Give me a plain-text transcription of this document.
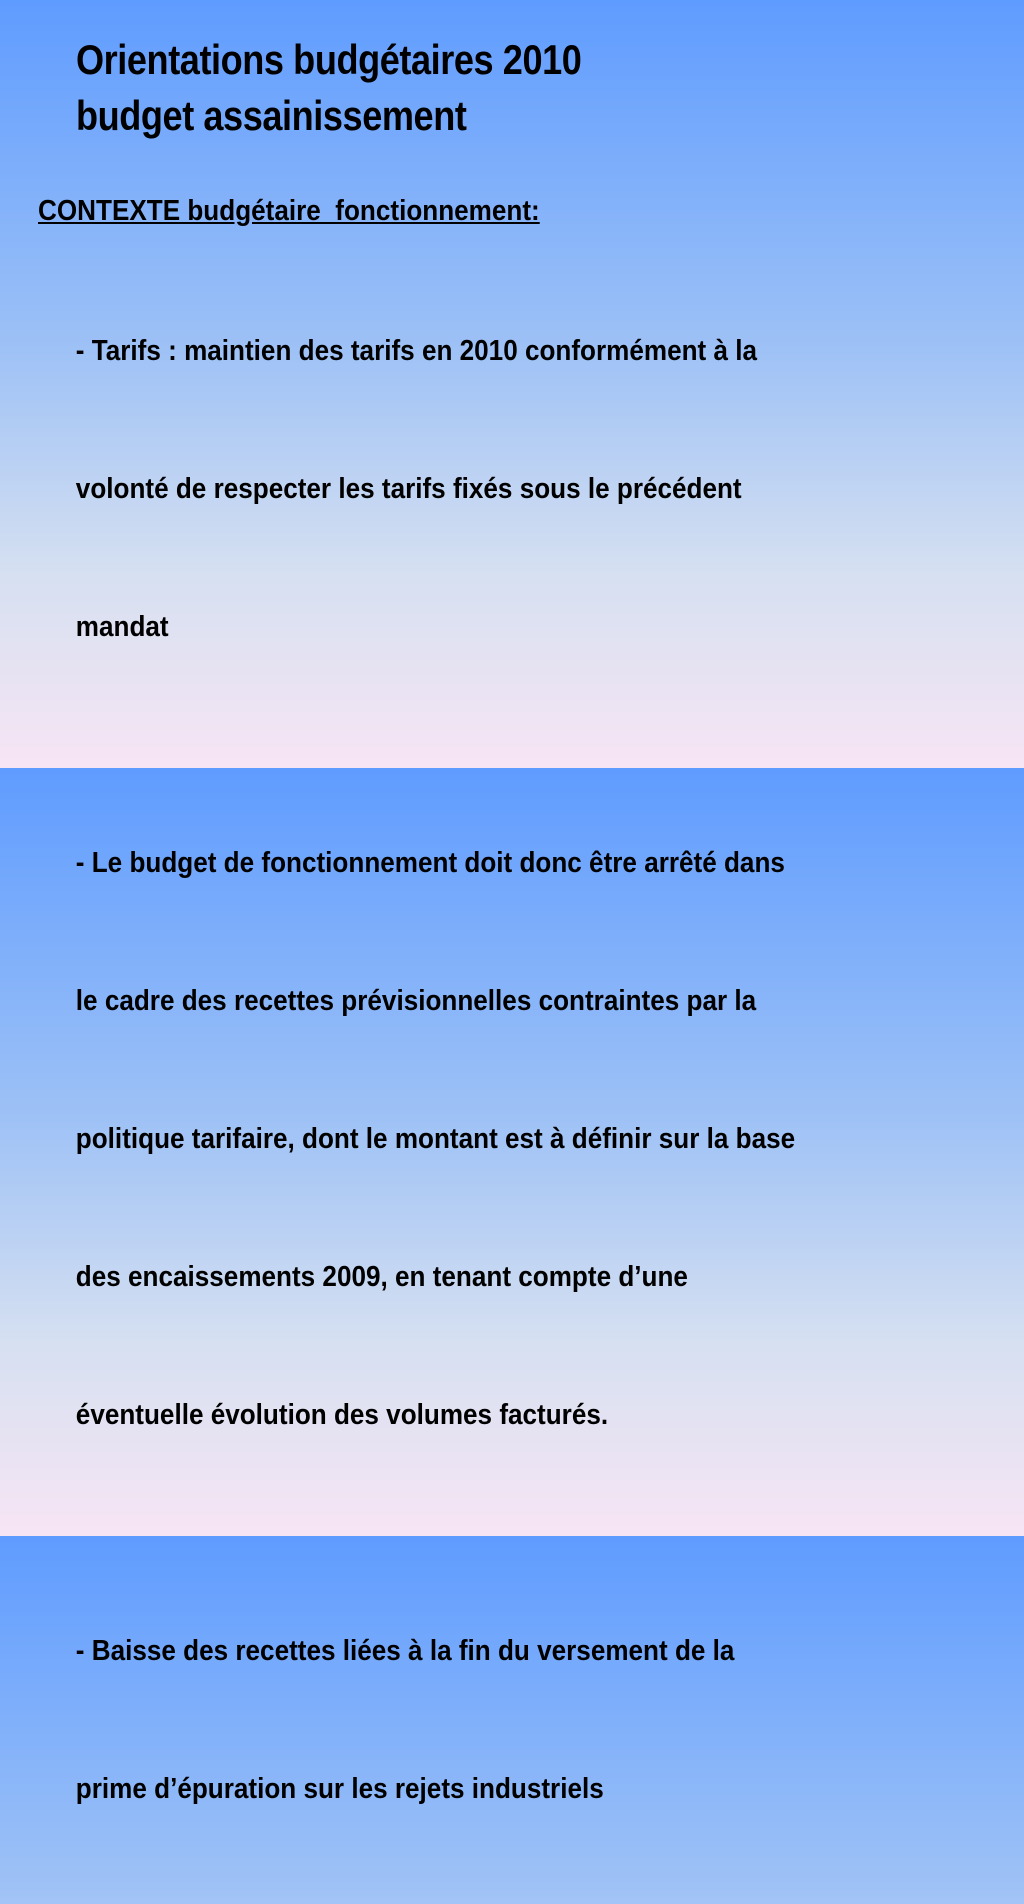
Orientations budgétaires 2010
budget assainissement

CONTEXTE budgétaire  fonctionnement:

- Tarifs : maintien des tarifs en 2010 conformément à la

volonté de respecter les tarifs fixés sous le précédent

mandat

- Le budget de fonctionnement doit donc être arrêté dans

le cadre des recettes prévisionnelles contraintes par la

politique tarifaire, dont le montant est à définir sur la base

des encaissements 2009, en tenant compte d’une

éventuelle évolution des volumes facturés.

- Baisse des recettes liées à la fin du versement de la

prime d’épuration sur les rejets industriels
